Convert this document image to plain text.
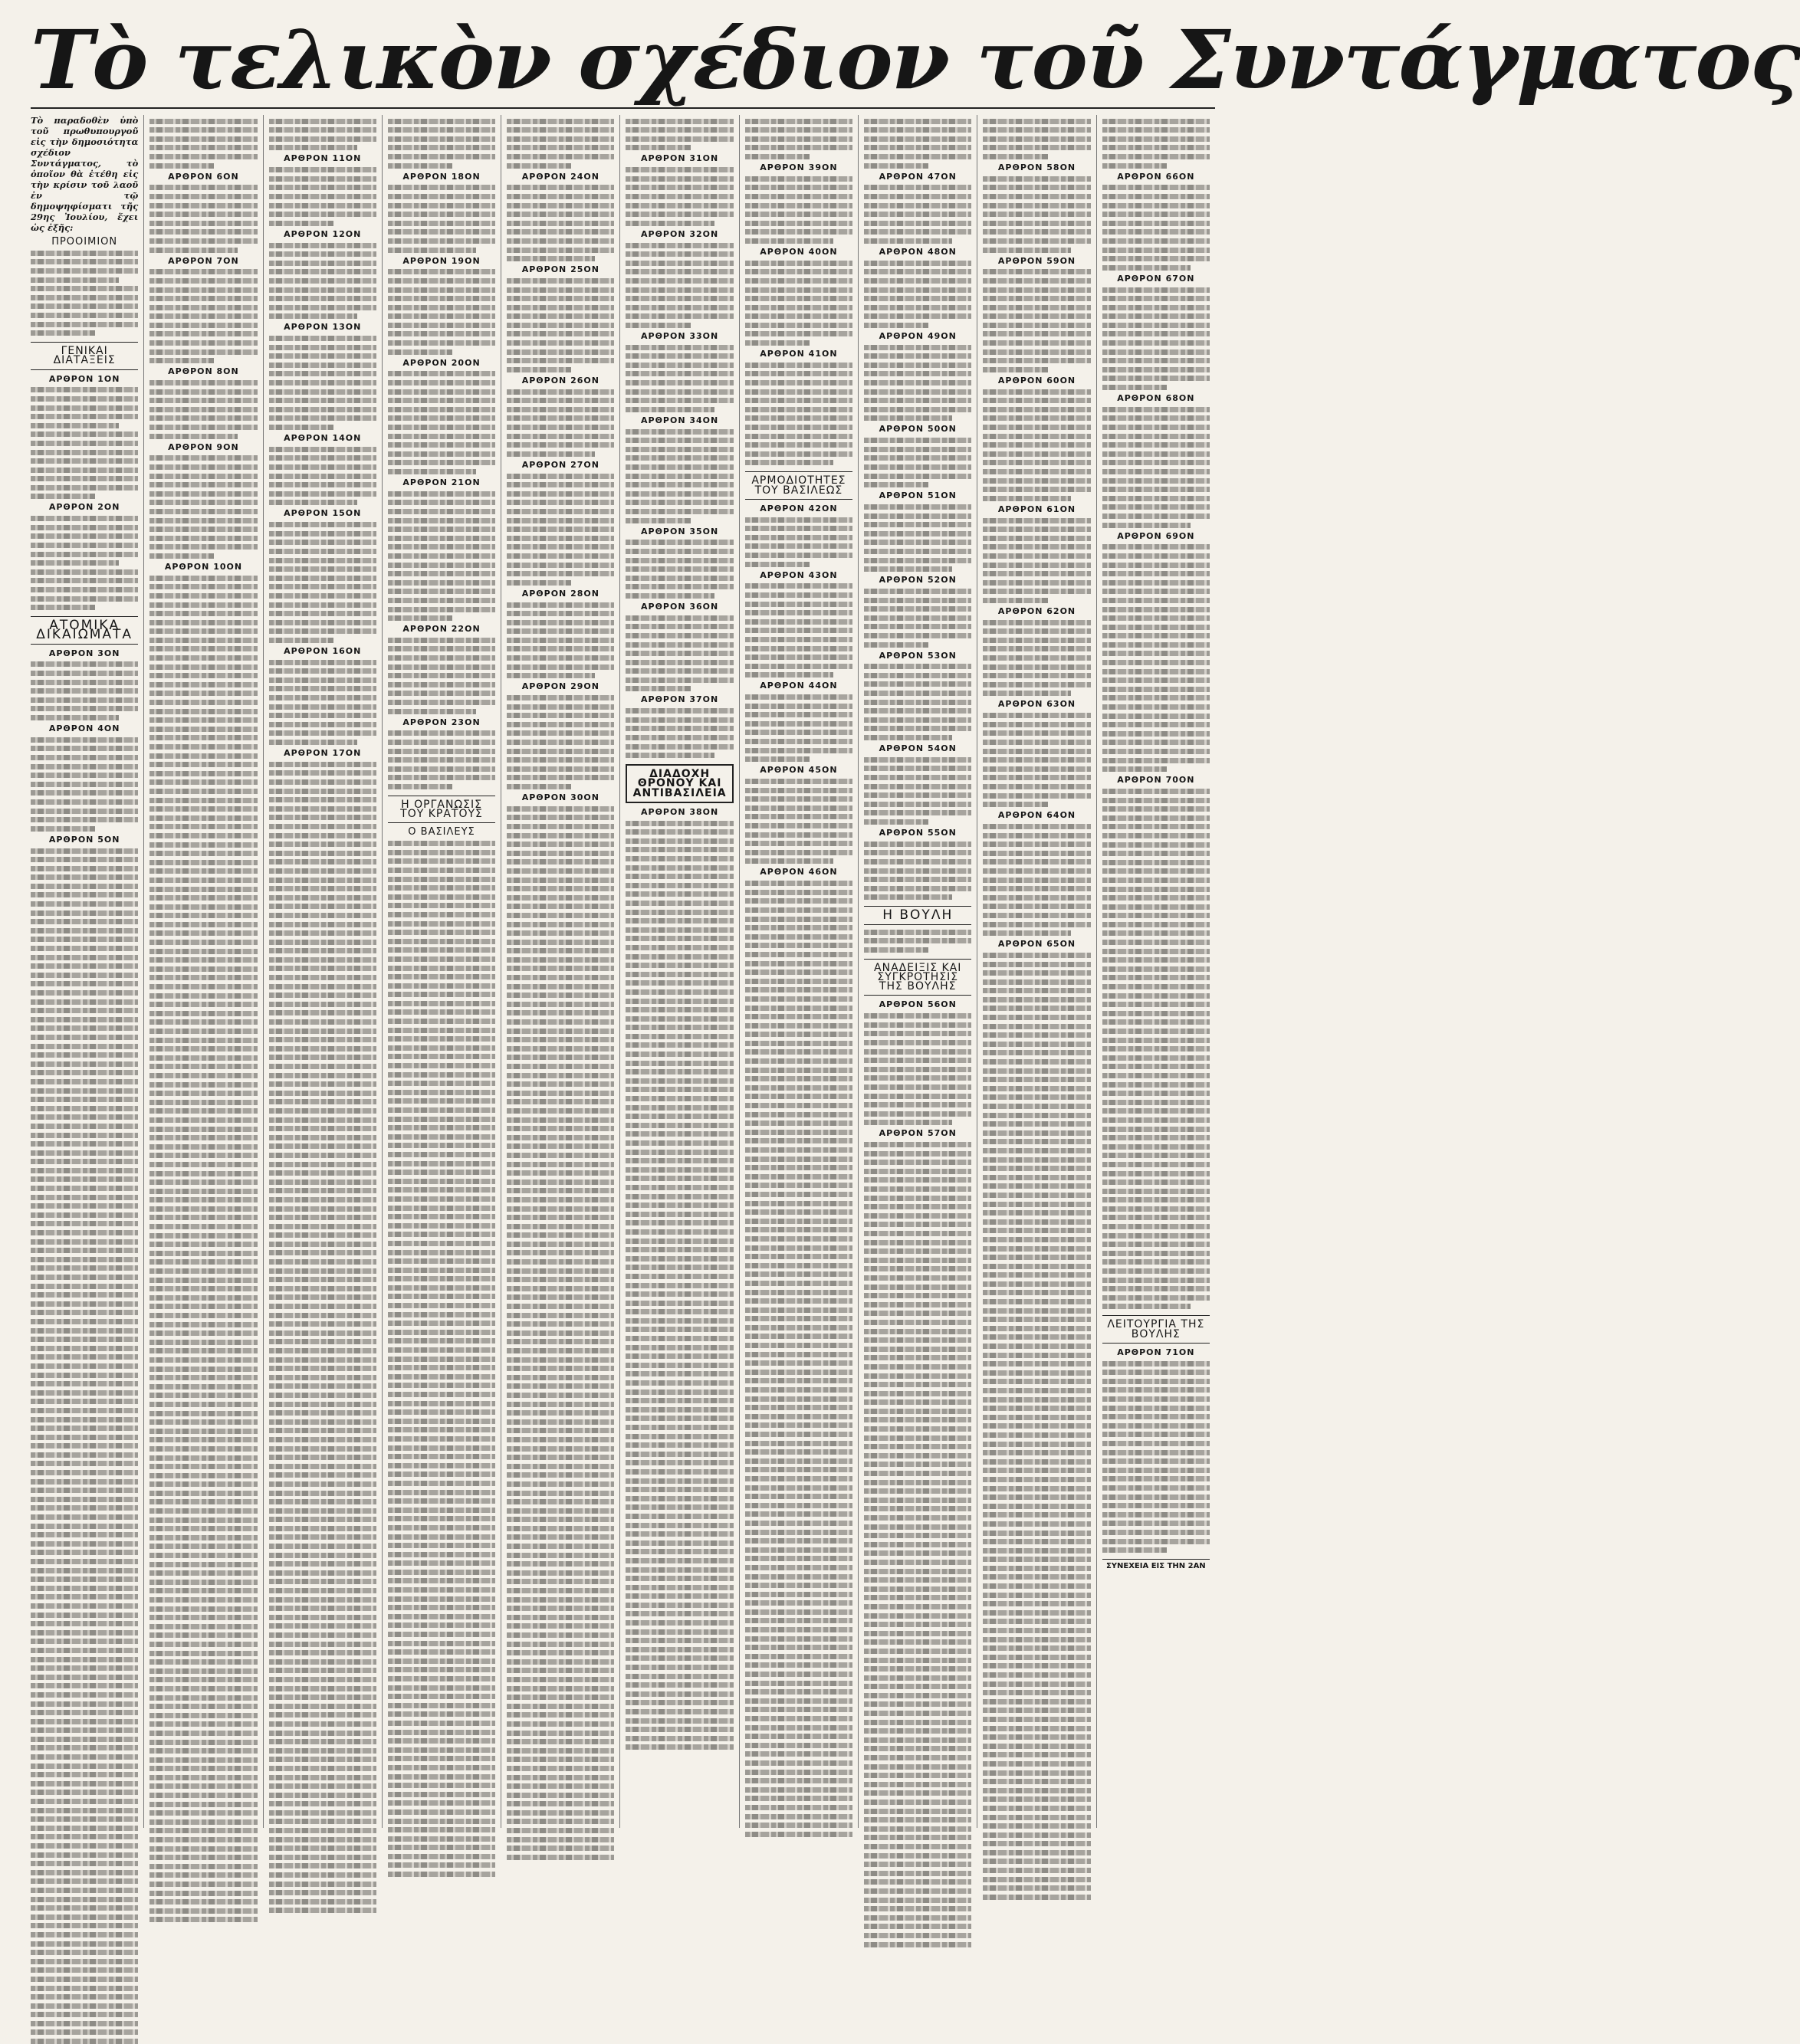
Τὸ τελικὸν σχέδιον τοῦ Συντάγματος
Τὸ παραδοθὲν ὑπὸ τοῦ πρωθυπουργοῦ εἰς τὴν δημοσιότητα σχέδιον Συντάγματος, τὸ ὁποῖον θὰ ἐτέθη εἰς τὴν κρίσιν τοῦ λαοῦ ἐν τῷ δημοψηφίσματι τῆς 29ης Ἰουλίου, ἔχει ὡς ἑξῆς:
ΠΡΟΟΙΜΙΟΝ
ΓΕΝΙΚΑΙ ΔΙΑΤΑΞΕΙΣ
ΑΡΘΡΟΝ 1ΟΝ
ΑΡΘΡΟΝ 2ΟΝ
ΑΤΟΜΙΚΑ ΔΙΚΑΙΩΜΑΤΑ
ΑΡΘΡΟΝ 3ΟΝ
ΑΡΘΡΟΝ 4ΟΝ
ΑΡΘΡΟΝ 5ΟΝ
ΑΡΘΡΟΝ 6ΟΝ
ΑΡΘΡΟΝ 7ΟΝ
ΑΡΘΡΟΝ 8ΟΝ
ΑΡΘΡΟΝ 9ΟΝ
ΑΡΘΡΟΝ 10ΟΝ
ΑΡΘΡΟΝ 11ΟΝ
ΑΡΘΡΟΝ 12ΟΝ
ΑΡΘΡΟΝ 13ΟΝ
ΑΡΘΡΟΝ 14ΟΝ
ΑΡΘΡΟΝ 15ΟΝ
ΑΡΘΡΟΝ 16ΟΝ
ΑΡΘΡΟΝ 17ΟΝ
ΑΡΘΡΟΝ 18ΟΝ
ΑΡΘΡΟΝ 19ΟΝ
ΑΡΘΡΟΝ 20ΟΝ
ΑΡΘΡΟΝ 21ΟΝ
ΑΡΘΡΟΝ 22ΟΝ
ΑΡΘΡΟΝ 23ΟΝ
Η ΟΡΓΑΝΩΣΙΣ ΤΟΥ ΚΡΑΤΟΥΣ
Ο ΒΑΣΙΛΕΥΣ
ΑΡΘΡΟΝ 24ΟΝ
ΑΡΘΡΟΝ 25ΟΝ
ΑΡΘΡΟΝ 26ΟΝ
ΑΡΘΡΟΝ 27ΟΝ
ΑΡΘΡΟΝ 28ΟΝ
ΑΡΘΡΟΝ 29ΟΝ
ΑΡΘΡΟΝ 30ΟΝ
ΑΡΘΡΟΝ 31ΟΝ
ΑΡΘΡΟΝ 32ΟΝ
ΑΡΘΡΟΝ 33ΟΝ
ΑΡΘΡΟΝ 34ΟΝ
ΑΡΘΡΟΝ 35ΟΝ
ΑΡΘΡΟΝ 36ΟΝ
ΑΡΘΡΟΝ 37ΟΝ
ΔΙΑΔΟΧΗ ΘΡΟΝΟΥ ΚΑΙ ΑΝΤΙΒΑΣΙΛΕΙΑ
ΑΡΘΡΟΝ 38ΟΝ
ΑΡΘΡΟΝ 39ΟΝ
ΑΡΘΡΟΝ 40ΟΝ
ΑΡΘΡΟΝ 41ΟΝ
ΑΡΜΟΔΙΟΤΗΤΕΣ ΤΟΥ ΒΑΣΙΛΕΩΣ
ΑΡΘΡΟΝ 42ΟΝ
ΑΡΘΡΟΝ 43ΟΝ
ΑΡΘΡΟΝ 44ΟΝ
ΑΡΘΡΟΝ 45ΟΝ
ΑΡΘΡΟΝ 46ΟΝ
ΑΡΘΡΟΝ 47ΟΝ
ΑΡΘΡΟΝ 48ΟΝ
ΑΡΘΡΟΝ 49ΟΝ
ΑΡΘΡΟΝ 50ΟΝ
ΑΡΘΡΟΝ 51ΟΝ
ΑΡΘΡΟΝ 52ΟΝ
ΑΡΘΡΟΝ 53ΟΝ
ΑΡΘΡΟΝ 54ΟΝ
ΑΡΘΡΟΝ 55ΟΝ
Η ΒΟΥΛΗ
ΑΝΑΔΕΙΞΙΣ ΚΑΙ ΣΥΓΚΡΟΤΗΣΙΣ ΤΗΣ ΒΟΥΛΗΣ
ΑΡΘΡΟΝ 56ΟΝ
ΑΡΘΡΟΝ 57ΟΝ
ΑΡΘΡΟΝ 58ΟΝ
ΑΡΘΡΟΝ 59ΟΝ
ΑΡΘΡΟΝ 60ΟΝ
ΑΡΘΡΟΝ 61ΟΝ
ΑΡΘΡΟΝ 62ΟΝ
ΑΡΘΡΟΝ 63ΟΝ
ΑΡΘΡΟΝ 64ΟΝ
ΑΡΘΡΟΝ 65ΟΝ
ΑΡΘΡΟΝ 66ΟΝ
ΑΡΘΡΟΝ 67ΟΝ
ΑΡΘΡΟΝ 68ΟΝ
ΑΡΘΡΟΝ 69ΟΝ
ΑΡΘΡΟΝ 70ΟΝ
ΛΕΙΤΟΥΡΓΙΑ ΤΗΣ ΒΟΥΛΗΣ
ΑΡΘΡΟΝ 71ΟΝ
ΣΥΝΕΧΕΙΑ ΕΙΣ ΤΗΝ 2ΑΝ
